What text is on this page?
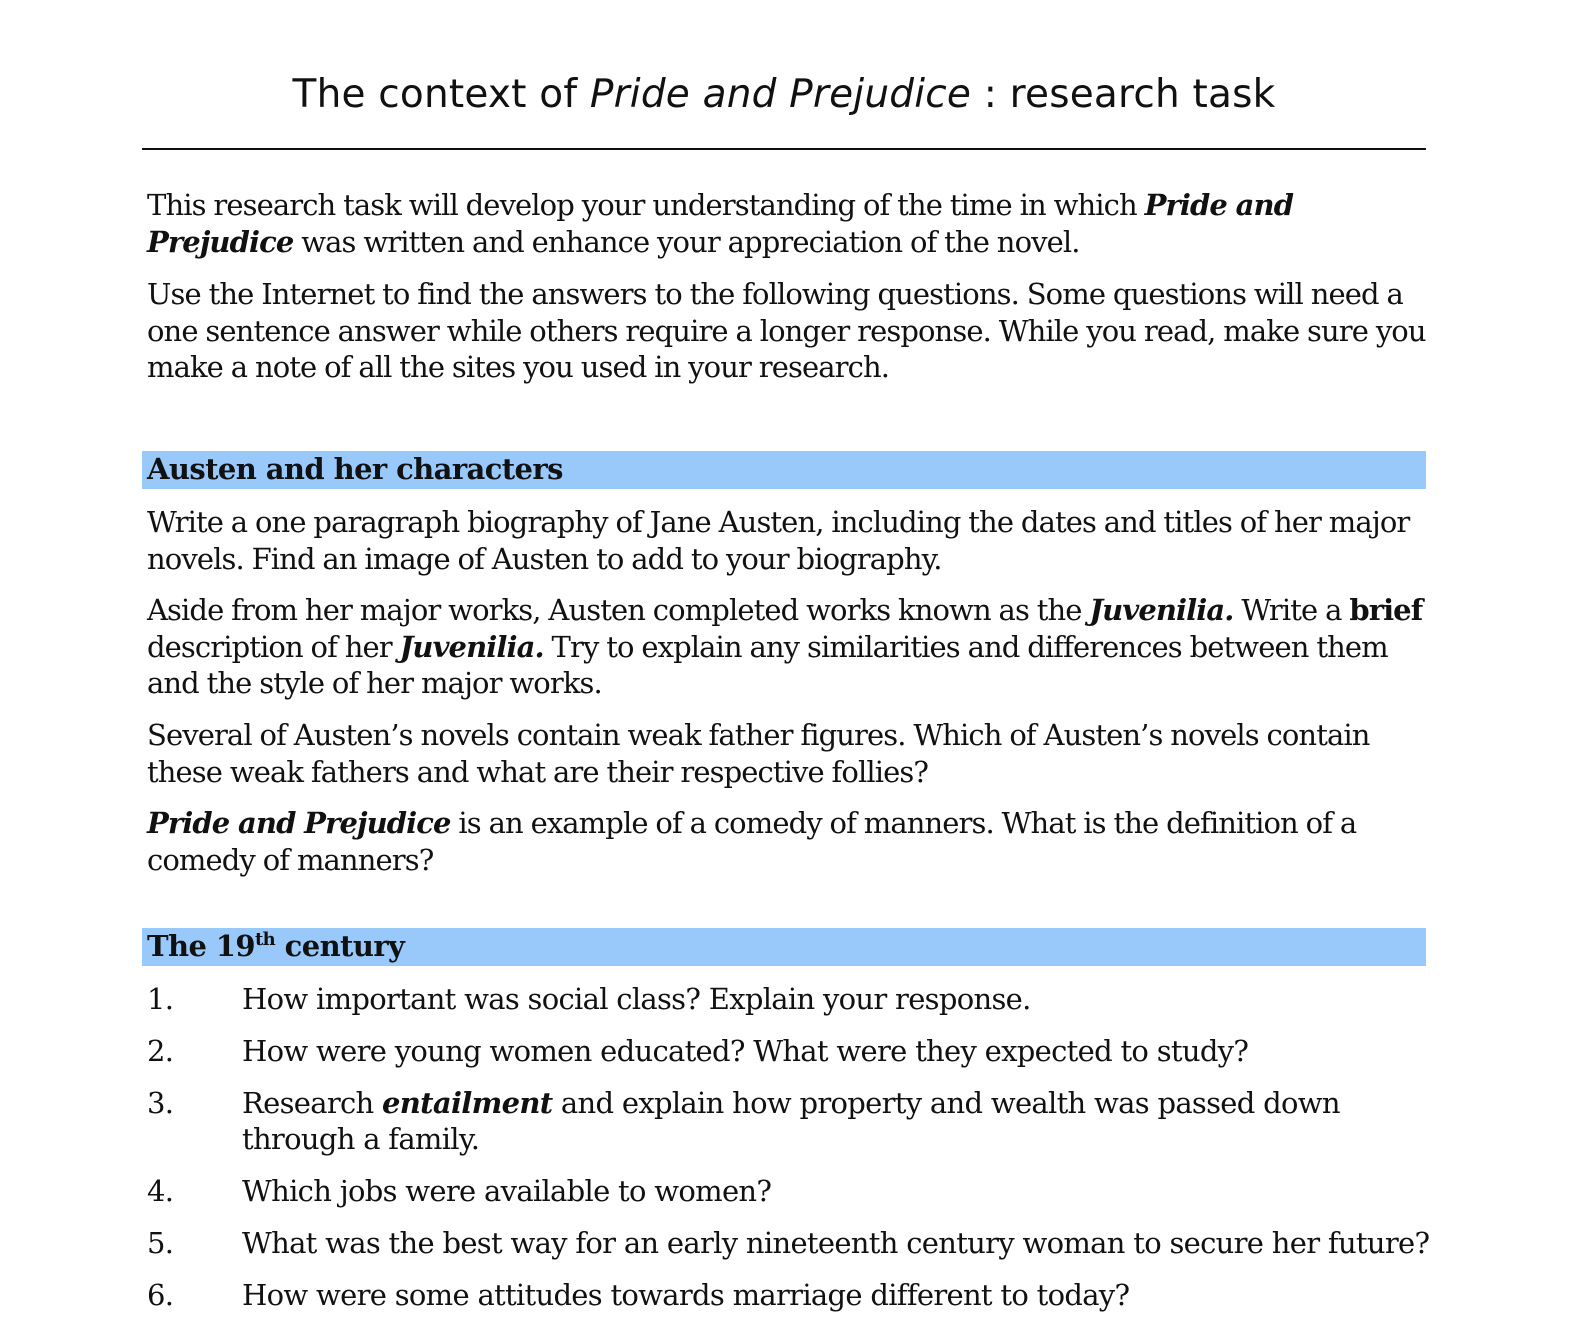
The context of Pride and Prejudice : research task

This research task will develop your understanding of the time in which Pride and Prejudice was written and enhance your appreciation of the novel.

Use the Internet to find the answers to the following questions. Some questions will need a one sentence answer while others require a longer response. While you read, make sure you make a note of all the sites you used in your research.

Austen and her characters

Write a one paragraph biography of Jane Austen, including the dates and titles of her major novels. Find an image of Austen to add to your biography.

Aside from her major works, Austen completed works known as the Juvenilia. Write a brief description of her Juvenilia. Try to explain any similarities and differences between them and the style of her major works.

Several of Austen’s novels contain weak father figures. Which of Austen’s novels contain these weak fathers and what are their respective follies?

Pride and Prejudice is an example of a comedy of manners. What is the definition of a comedy of manners?

The 19th century
1.	How important was social class? Explain your response.
2.	How were young women educated? What were they expected to study?
3.	Research entailment and explain how property and wealth was passed down through a family.
4.	Which jobs were available to women?
5.	What was the best way for an early nineteenth century woman to secure her future?
6.	How were some attitudes towards marriage different to today?
